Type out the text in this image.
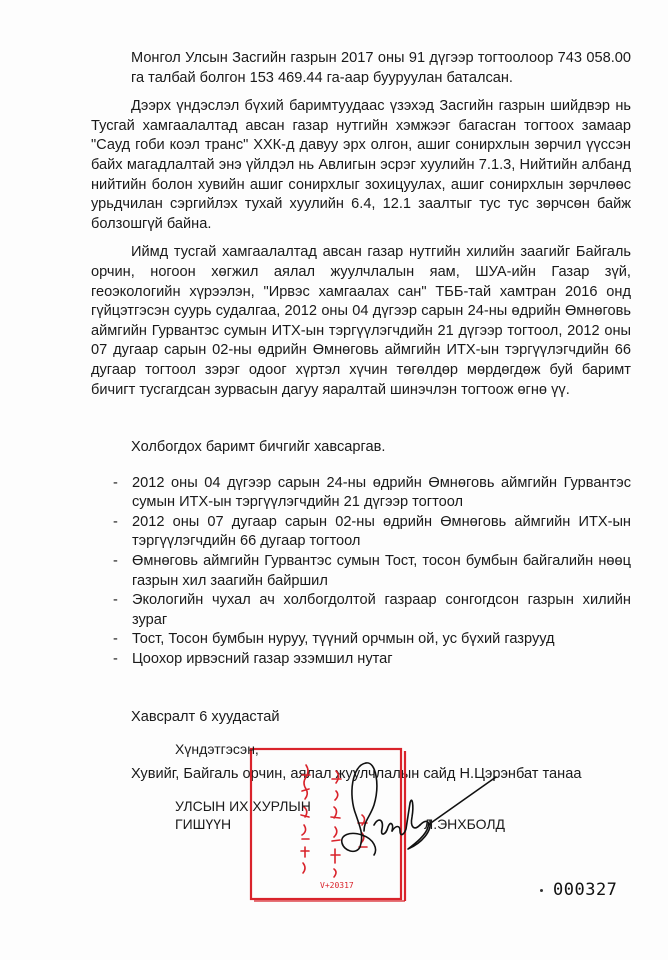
Монгол Улсын Засгийн газрын 2017 оны 91 дүгээр тогтоолоор 743 058.00 га талбай болгон 153 469.44 га-аар бууруулан баталсан.

Дээрх үндэслэл бүхий баримтуудаас үзэхэд Засгийн газрын шийдвэр нь Тусгай хамгаалалтад авсан газар нутгийн хэмжээг багасган тогтоох замаар "Сауд гоби коэл транс" ХХК-д давуу эрх олгон, ашиг сонирхлын зөрчил үүссэн байх магадлалтай энэ үйлдэл нь Авлигын эсрэг хуулийн 7.1.3, Нийтийн албанд нийтийн болон хувийн ашиг сонирхлыг зохицуулах, ашиг сонирхлын зөрчлөөс урьдчилан сэргийлэх тухай хуулийн 6.4, 12.1 заалтыг тус тус зөрчсөн байж болзошгүй байна.

Иймд тусгай хамгаалалтад авсан газар нутгийн хилийн заагийг Байгаль орчин, ногоон хөгжил аялал жуулчлалын яам, ШУА-ийн Газар зүй, геоэкологийн хүрээлэн, "Ирвэс хамгаалах сан" ТББ-тай хамтран 2016 онд гүйцэтгэсэн суурь судалгаа, 2012 оны 04 дүгээр сарын 24-ны өдрийн Өмнөговь аймгийн Гурвантэс сумын ИТХ-ын тэргүүлэгчдийн 21 дүгээр тогтоол, 2012 оны 07 дугаар сарын 02-ны өдрийн Өмнөговь аймгийн ИТХ-ын тэргүүлэгчдийн 66 дугаар тогтоол зэрэг одоог хүртэл хүчин төгөлдөр мөрдөгдөж буй баримт бичигт тусгагдсан зурвасын дагуу яаралтай шинэчлэн тогтоож өгнө үү.

Холбогдох баримт бичгийг хавсаргав.
- 2012 оны 04 дүгээр сарын 24-ны өдрийн Өмнөговь аймгийн Гурвантэс сумын ИТХ-ын тэргүүлэгчдийн 21 дүгээр тогтоол
- 2012 оны 07 дугаар сарын 02-ны өдрийн Өмнөговь аймгийн ИТХ-ын тэргүүлэгчдийн 66 дугаар тогтоол
- Өмнөговь аймгийн Гурвантэс сумын Тост, тосон бумбын байгалийн нөөц газрын хил заагийн байршил
- Экологийн чухал ач холбогдолтой газраар сонгогдсон газрын хилийн зураг
- Тост, Тосон бумбын нуруу, түүний орчмын ой, ус бүхий газрууд
- Цоохор ирвэсний газар эзэмшил нутаг
Хавсралт 6 хуудастай
Хувийг, Байгаль орчин, аялал жуулчлалын сайд Н.Цэрэнбат танаа
V+20317
Хүндэтгэсэн,
УЛСЫН ИХ ХУРЛЫН
ГИШҮҮН	Л.ЭНХБОЛД
000327
